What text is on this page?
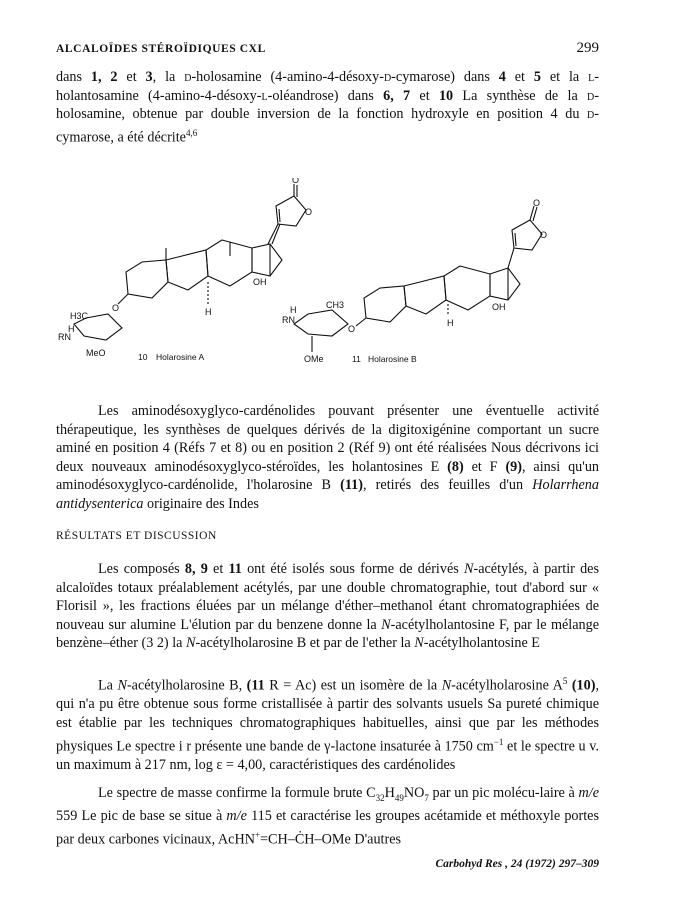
ALCALOÏDES STÉROÏDIQUES CXL	299
dans 1, 2 et 3, la d-holosamine (4-amino-4-désoxy-d-cymarose) dans 4 et 5 et la l-holantosamine (4-amino-4-désoxy-l-oléandrose) dans 6, 7 et 10 La synthèse de la d-holosamine, obtenue par double inversion de la fonction hydroxyle en position 4 du d-cymarose, a été décrite$^{4,6}$
O
O
OH
H
O
H3C
RN
H
MeO	10 Holarosine A
O
O
OH
H
O
CH3
RN
H
OMe	11 Holarosine B
Les aminodésoxyglyco-cardénolides pouvant présenter une éventuelle activité thérapeutique, les synthèses de quelques dérivés de la digitoxigénine comportant un sucre aminé en position 4 (Réfs 7 et 8) ou en position 2 (Réf 9) ont été réalisées Nous décrivons ici deux nouveaux aminodésoxyglyco-stéroïdes, les holantosines E (8) et F (9), ainsi qu'un aminodésoxyglyco-cardénolide, l'holarosine B (11), retirés des feuilles d'un Holarrhena antidysenterica originaire des Indes
RÉSULTATS ET DISCUSSION
Les composés 8, 9 et 11 ont été isolés sous forme de dérivés N-acétylés, à partir des alcaloïdes totaux préalablement acétylés, par une double chromatographie, tout d'abord sur « Florisil », les fractions éluées par un mélange d'éther–methanol étant chromatographiées de nouveau sur alumine L'élution par du benzene donne la N-acétylholantosine F, par le mélange benzène–éther (3 2) la N-acétylholarosine B et par de l'ether la N-acétylholantosine E
La N-acétylholarosine B, (11 R = Ac) est un isomère de la N-acétylholarosine $A^5$ (10), qui n'a pu être obtenue sous forme cristallisée à partir des solvants usuels Sa pureté chimique est établie par les techniques chromatographiques habituelles, ainsi que par les méthodes physiques Le spectre i r présente une bande de γ-lactone insaturée à 1750 $cm^{-1}$ et le spectre u v. un maximum à 217 nm, log ε = 4,00, caractéristiques des cardénolides
Le spectre de masse confirme la formule brute $C_{32}H_{49}NO_7$ par un pic molécu-laire à m/e 559 Le pic de base se situe à m/e 115 et caractérise les groupes acétamide et méthoxyle portes par deux carbones vicinaux, AcHN+=CH–ĊH–OMe D'autres
Carbohyd Res , 24 (1972) 297–309
